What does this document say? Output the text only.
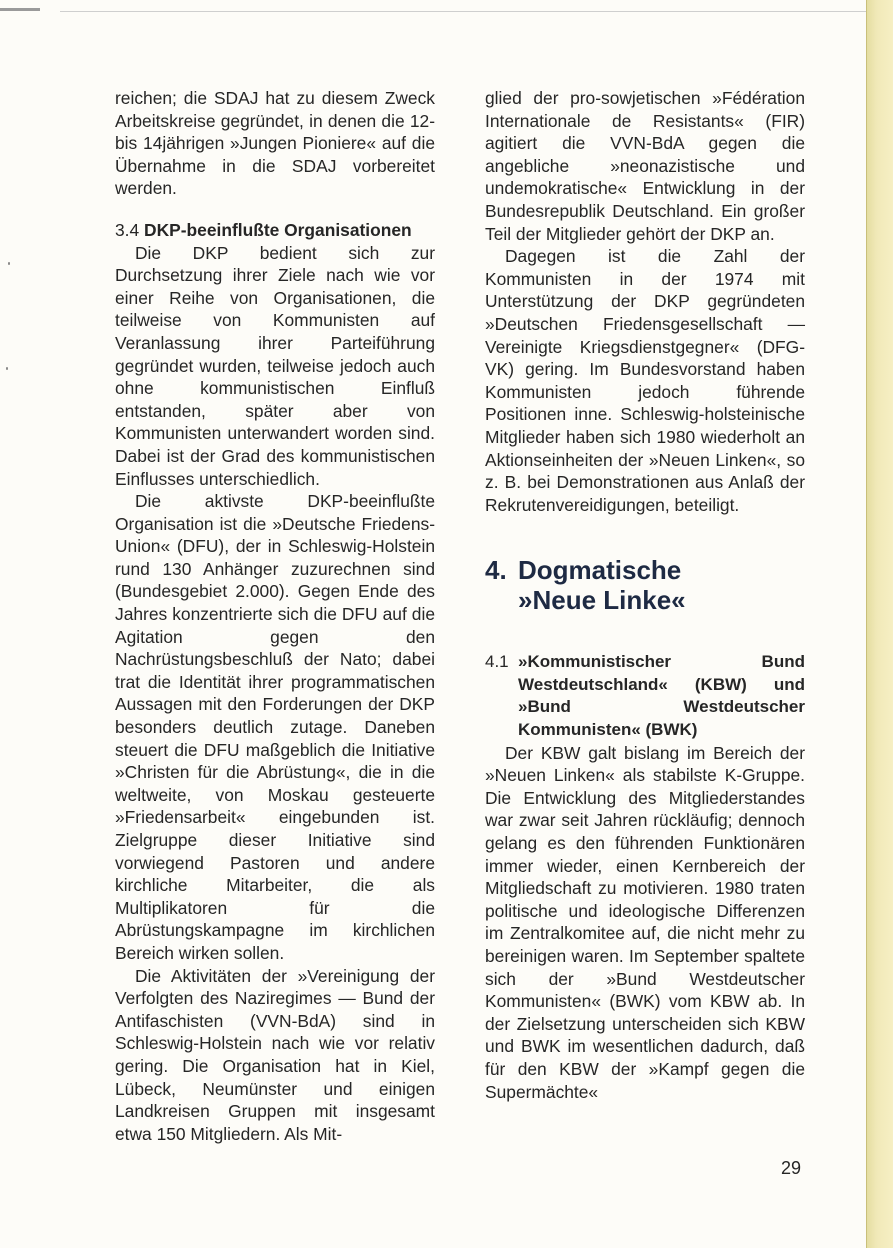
reichen; die SDAJ hat zu diesem Zweck Arbeitskreise gegründet, in denen die 12- bis 14jährigen »Jungen Pioniere« auf die Übernahme in die SDAJ vorbereitet werden.

3.4 DKP-beeinflußte Organisationen

Die DKP bedient sich zur Durchsetzung ihrer Ziele nach wie vor einer Reihe von Organisationen, die teilweise von Kommunisten auf Veranlassung ihrer Parteiführung gegründet wurden, teilweise jedoch auch ohne kommunistischen Einfluß entstanden, später aber von Kommunisten unterwandert worden sind. Dabei ist der Grad des kommunistischen Einflusses unterschiedlich.

Die aktivste DKP-beeinflußte Organisation ist die »Deutsche Friedens-Union« (DFU), der in Schleswig-Holstein rund 130 Anhänger zuzurechnen sind (Bundesgebiet 2.000). Gegen Ende des Jahres konzentrierte sich die DFU auf die Agitation gegen den Nachrüstungsbeschluß der Nato; dabei trat die Identität ihrer programmatischen Aussagen mit den Forderungen der DKP besonders deutlich zutage. Daneben steuert die DFU maßgeblich die Initiative »Christen für die Abrüstung«, die in die weltweite, von Moskau gesteuerte »Friedensarbeit« eingebunden ist. Zielgruppe dieser Initiative sind vorwiegend Pastoren und andere kirchliche Mitarbeiter, die als Multiplikatoren für die Abrüstungskampagne im kirchlichen Bereich wirken sollen.

Die Aktivitäten der »Vereinigung der Verfolgten des Naziregimes — Bund der Antifaschisten (VVN-BdA) sind in Schleswig-Holstein nach wie vor relativ gering. Die Organisation hat in Kiel, Lübeck, Neumünster und einigen Landkreisen Gruppen mit insgesamt etwa 150 Mitgliedern. Als Mit-

glied der pro-sowjetischen »Fédération Internationale de Resistants« (FIR) agitiert die VVN-BdA gegen die angebliche »neonazistische und undemokratische« Entwicklung in der Bundesrepublik Deutschland. Ein großer Teil der Mitglieder gehört der DKP an.

Dagegen ist die Zahl der Kommunisten in der 1974 mit Unterstützung der DKP gegründeten »Deutschen Friedensgesellschaft — Vereinigte Kriegsdienstgegner« (DFG-VK) gering. Im Bundesvorstand haben Kommunisten jedoch führende Positionen inne. Schleswig-holsteinische Mitglieder haben sich 1980 wiederholt an Aktionseinheiten der »Neuen Linken«, so z. B. bei Demonstrationen aus Anlaß der Rekrutenvereidigungen, beteiligt.

4. Dogmatische
»Neue Linke«
4.1 »Kommunistischer Bund Westdeutschland« (KBW) und »Bund Westdeutscher Kommunisten« (BWK)

Der KBW galt bislang im Bereich der »Neuen Linken« als stabilste K-Gruppe. Die Entwicklung des Mitgliederstandes war zwar seit Jahren rückläufig; dennoch gelang es den führenden Funktionären immer wieder, einen Kernbereich der Mitgliedschaft zu motivieren. 1980 traten politische und ideologische Differenzen im Zentralkomitee auf, die nicht mehr zu bereinigen waren. Im September spaltete sich der »Bund Westdeutscher Kommunisten« (BWK) vom KBW ab. In der Zielsetzung unterscheiden sich KBW und BWK im wesentlichen dadurch, daß für den KBW der »Kampf gegen die Supermächte«

29
